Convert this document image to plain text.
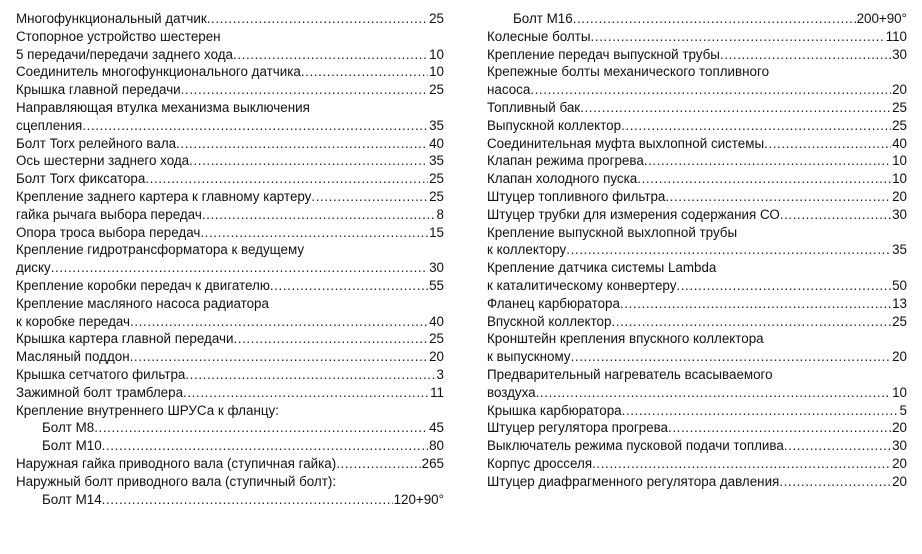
Многофункциональный датчик .....	25
Стопорное устройство шестерен
5 передачи/передачи заднего хода .....	10
Соединитель многофункционального датчика .....	10
Крышка главной передачи .....	25
Направляющая втулка механизма выключения
сцепления .....	35
Болт Torx релейного вала .....	40
Ось шестерни заднего хода .....	35
Болт Torx фиксатора .....	25
Крепление заднего картера к главному картеру .....	25
гайка рычага выбора передач .....	8
Опора троса выбора передач .....	15
Крепление гидротрансформатора к ведущему
диску .....	30
Крепление коробки передач к двигателю .....	55
Крепление масляного насоса радиатора
к коробке передач .....	40
Крышка картера главной передачи .....	25
Масляный поддон .....	20
Крышка сетчатого фильтра .....	3
Зажимной болт трамблера .....	11
Крепление внутреннего ШРУСа к фланцу:
Болт М8 .....	45
Болт М10 .....	80
Наружная гайка приводного вала (ступичная гайка) .....	265
Наружный болт приводного вала (ступичный болт):
Болт М14 .....	120+90°
Болт М16 .....	200+90°
Колесные болты .....	110
Крепление передач выпускной трубы .....	30
Крепежные болты механического топливного
насоса .....	20
Топливный бак .....	25
Выпускной коллектор .....	25
Соединительная муфта выхлопной системы .....	40
Клапан режима прогрева .....	10
Клапан холодного пуска .....	10
Штуцер топливного фильтра .....	20
Штуцер трубки для измерения содержания СО .....	30
Крепление выпускной выхлопной трубы
к коллектору .....	35
Крепление датчика системы Lambda
к каталитическому конвертеру .....	50
Фланец карбюратора .....	13
Впускной коллектор .....	25
Кронштейн крепления впускного коллектора
к выпускному .....	20
Предварительный нагреватель всасываемого
воздуха .....	10
Крышка карбюратора .....	5
Штуцер регулятора прогрева .....	20
Выключатель режима пусковой подачи топлива .....	30
Корпус дросселя .....	20
Штуцер диафрагменного регулятора давления .....	20
